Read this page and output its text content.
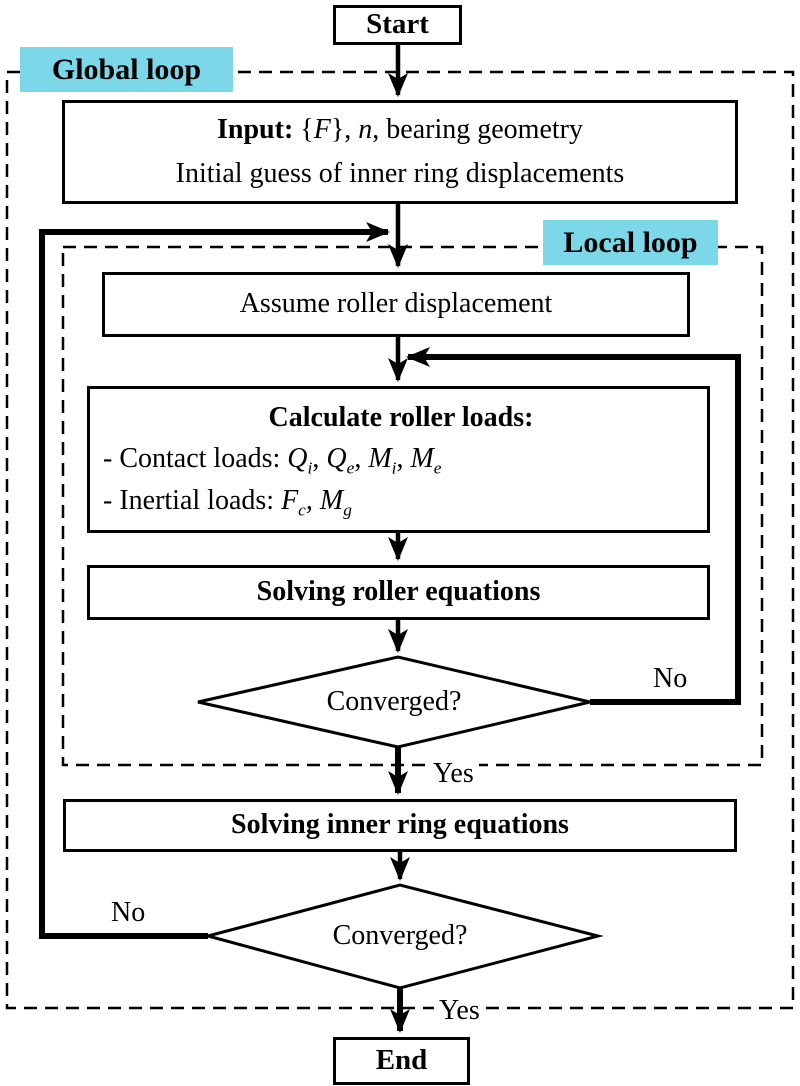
Start
Global loop
Input: {F}, n, bearing geometry
Initial guess of inner ring displacements
Local loop
Assume roller displacement
Calculate roller loads:
- Contact loads: $Q_i$, $Q_e$, $M_i$, $M_e$
- Inertial loads: $F_c$, $M_g$
Solving roller equations
Converged?
No
Yes
Solving inner ring equations
Converged?
No
Yes
End
